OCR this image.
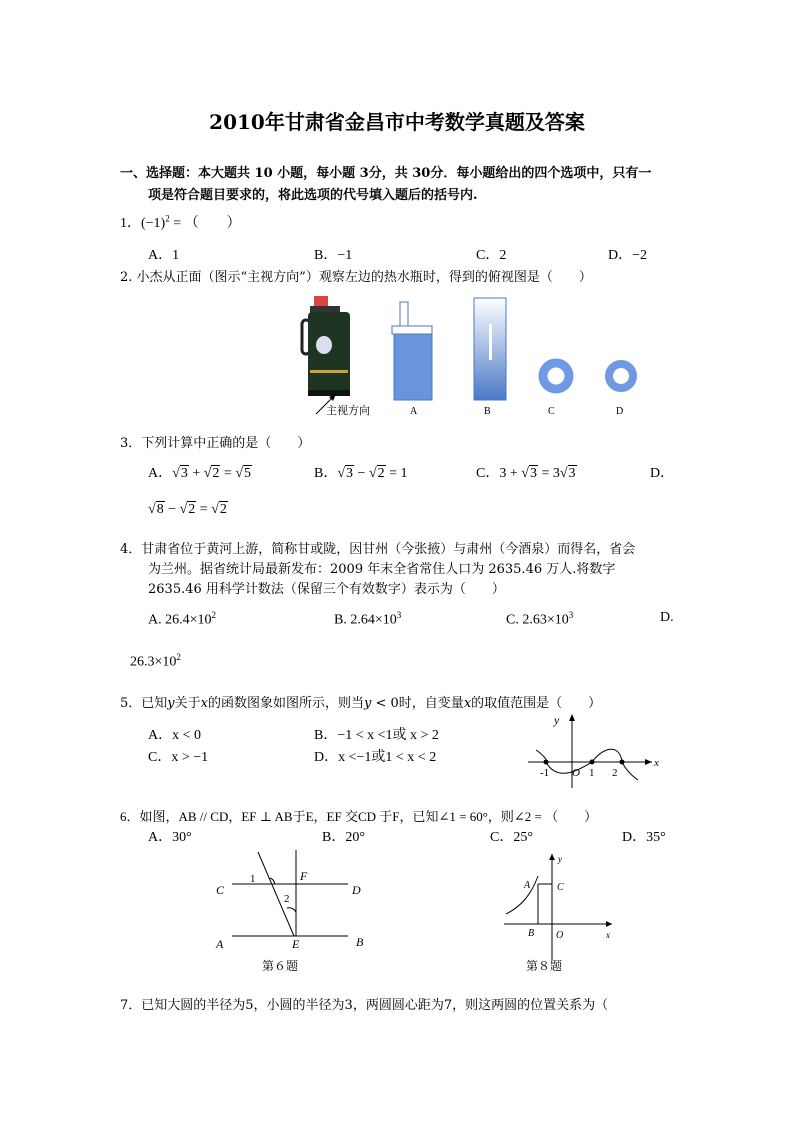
2010年甘肃省金昌市中考数学真题及答案
一、选择题：本大题共 10 小题，每小题 3分，共 30分．每小题给出的四个选项中，只有一
项是符合题目要求的，将此选项的代号填入题后的括号内.
1．$(-1)^2$ = （　　）
A．1	B．−1	C．2	D．−2
2. 小杰从正面（图示“主视方向”）观察左边的热水瓶时，得到的俯视图是（　　）
主视方向	A	B	C	D
3．下列计算中正确的是（　　）
A．√3 + √2 = √5	B．√3 − √2 = 1	C．3 + √3 = 3√3	D．
√8 − √2 = √2
4．甘肃省位于黄河上游，简称甘或陇，因甘州（今张掖）与肃州（今酒泉）而得名，省会
为兰州。据省统计局最新发布：2009 年末全省常住人口为 2635.46 万人.将数字
2635.46 用科学计数法（保留三个有效数字）表示为（　　）
A. $26.4\times 10^2$	B. $2.64\times 10^3$	C. $2.63\times 10^3$	D.
$26.3\times 10^2$
5．已知y关于x的函数图象如图所示，则当y < 0时，自变量x的取值范围是（　　）
A．x < 0	B．−1 < x <1或 x > 2
C．x > −1	D．x <−1或1 < x < 2	x
y
-1 O 1 2
6．如图，AB // CD，EF ⊥ AB于E，EF 交CD 于F，已知∠1 = 60°，则∠2 = （　　）
A．30°	B．20°	C．25°	D．35°
C	D
A	B
E
F
1
2
第６题
A	C
B O	x
y
第８题
7．已知大圆的半径为5，小圆的半径为3，两圆圆心距为7，则这两圆的位置关系为（
